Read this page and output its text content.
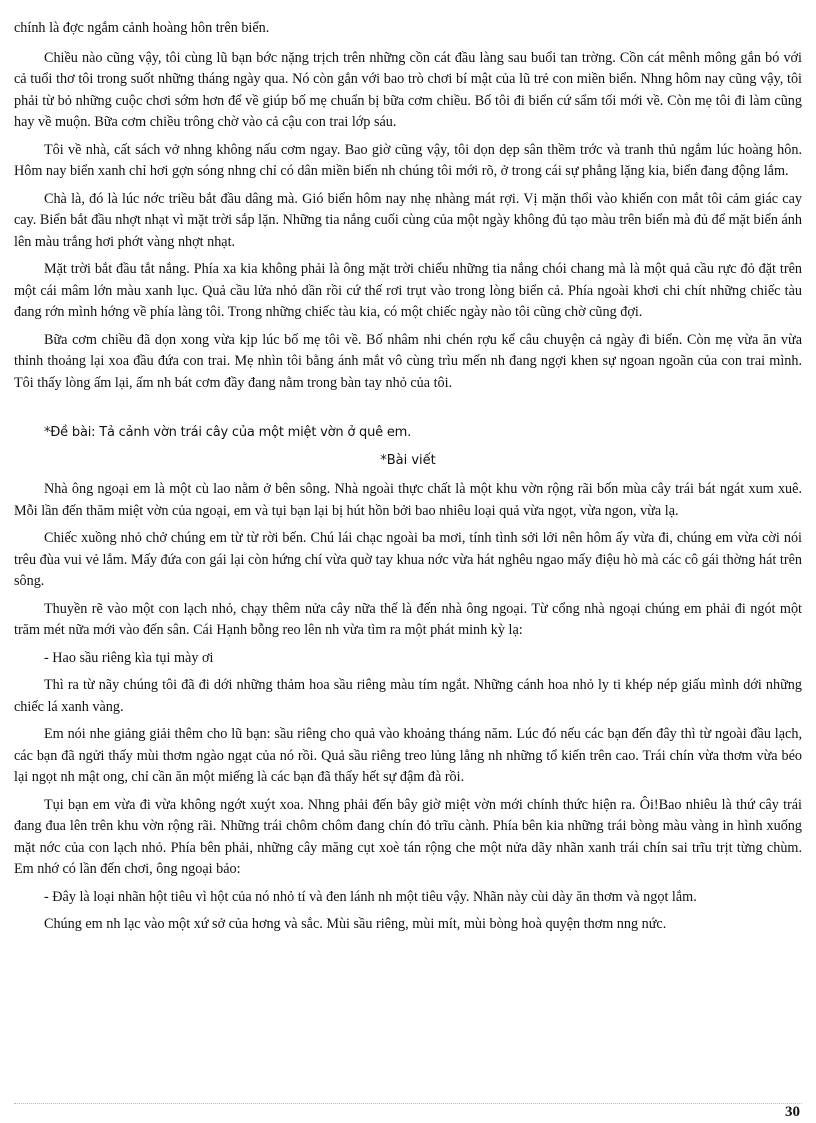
chính là đợc ngắm cảnh hoàng hôn trên biển.

Chiều nào cũng vậy, tôi cùng lũ bạn bớc nặng trịch trên những cồn cát đầu làng sau buổi tan trờng. Cồn cát mênh mông gắn bó với cả tuổi thơ tôi trong suốt những tháng ngày qua. Nó còn gắn với bao trò chơi bí mật của lũ trẻ con miền biển. Nhng hôm nay cũng vậy, tôi phải từ bỏ những cuộc chơi sớm hơn để về giúp bố mẹ chuẩn bị bữa cơm chiều. Bố tôi đi biển cứ sẩm tối mới về. Còn mẹ tôi đi làm cũng hay về muộn. Bữa cơm chiều trông chờ vào cả cậu con trai lớp sáu.

Tôi về nhà, cất sách vở nhng không nấu cơm ngay. Bao giờ cũng vậy, tôi dọn dẹp sân thềm trớc và tranh thủ ngắm lúc hoàng hôn. Hôm nay biển xanh chỉ hơi gợn sóng nhng chỉ có dân miền biển nh chúng tôi mới rõ, ở trong cái sự phẳng lặng kia, biển đang động lắm.

Chà là, đó là lúc nớc triều bắt đầu dâng mà. Gió biển hôm nay nhẹ nhàng mát rợi. Vị mặn thổi vào khiến con mắt tôi cảm giác cay cay. Biển bắt đầu nhợt nhạt vì mặt trời sắp lặn. Những tia nắng cuối cùng của một ngày không đủ tạo màu trên biển mà đủ để mặt biển ánh lên màu trắng hơi phớt vàng nhợt nhạt.

Mặt trời bắt đầu tắt nắng. Phía xa kia không phải là ông mặt trời chiếu những tia nắng chói chang mà là một quả cầu rực đỏ đặt trên một cái mâm lớn màu xanh lục. Quả cầu lửa nhỏ dần rồi cứ thế rơi trụt vào trong lòng biển cả. Phía ngoài khơi chi chít những chiếc tàu đang rớn mình hớng về phía làng tôi. Trong những chiếc tàu kia, có một chiếc ngày nào tôi cũng chờ cũng đợi.

Bữa cơm chiều đã dọn xong vừa kịp lúc bố mẹ tôi về. Bố nhâm nhi chén rợu kể câu chuyện cả ngày đi biển. Còn mẹ vừa ăn vừa thỉnh thoảng lại xoa đầu đứa con trai. Mẹ nhìn tôi bằng ánh mắt vô cùng trìu mến nh đang ngợi khen sự ngoan ngoãn của con trai mình. Tôi thấy lòng ấm lại, ấm nh bát cơm đầy đang nằm trong bàn tay nhỏ của tôi.

*Đề bài: Tả cảnh vờn trái cây của một miệt vờn ở quê em.

*Bài viết

Nhà ông ngoại em là một cù lao nằm ở bên sông. Nhà ngoài thực chất là một khu vờn rộng rãi bốn mùa cây trái bát ngát xum xuê. Mỗi lần đến thăm miệt vờn của ngoại, em và tụi bạn lại bị hút hồn bởi bao nhiêu loại quả vừa ngọt, vừa ngon, vừa lạ.

Chiếc xuồng nhỏ chở chúng em từ từ rời bến. Chú lái chạc ngoài ba mơi, tính tình sởi lởi nên hôm ấy vừa đi, chúng em vừa cời nói trêu đùa vui vẻ lắm. Mấy đứa con gái lại còn hứng chí vừa quờ tay khua nớc vừa hát nghêu ngao mấy điệu hò mà các cô gái thờng hát trên sông.

Thuyền rẽ vào một con lạch nhỏ, chạy thêm nửa cây nữa thế là đến nhà ông ngoại. Từ cổng nhà ngoại chúng em phải đi ngót một trăm mét nữa mới vào đến sân. Cái Hạnh bỗng reo lên nh vừa tìm ra một phát minh kỳ lạ:

- Hao sầu riêng kìa tụi mày ơi

Thì ra từ nãy chúng tôi đã đi dới những thảm hoa sầu riêng màu tím ngắt. Những cánh hoa nhỏ ly ti khép nép giấu mình dới những chiếc lá xanh vàng.

Em nói nhe giảng giải thêm cho lũ bạn: sầu riêng cho quả vào khoảng tháng năm. Lúc đó nếu các bạn đến đây thì từ ngoài đầu lạch, các bạn đã ngửi thấy mùi thơm ngào ngạt của nó rồi. Quả sầu riêng treo lủng lẳng nh những tổ kiến trên cao. Trái chín vừa thơm vừa béo lại ngọt nh mật ong, chỉ cần ăn một miếng là các bạn đã thấy hết sự đậm đà rồi.

Tụi bạn em vừa đi vừa không ngớt xuýt xoa. Nhng phải đến bây giờ miệt vờn mới chính thức hiện ra. Ôi!Bao nhiêu là thứ cây trái đang đua lên trên khu vờn rộng rãi. Những trái chôm chôm đang chín đỏ trĩu cành. Phía bên kia những trái bòng màu vàng in hình xuống mặt nớc của con lạch nhỏ. Phía bên phải, những cây măng cụt xoè tán rộng che một nửa dãy nhãn xanh trái chín sai trĩu trịt từng chùm. Em nhớ có lần đến chơi, ông ngoại bảo:

- Đây là loại nhãn hột tiêu vì hột của nó nhỏ tí và đen lánh nh một tiêu vậy. Nhãn này cùi dày ăn thơm và ngọt lắm.

Chúng em nh lạc vào một xứ sở của hơng và sắc. Mùi sầu riêng, mùi mít, mùi bòng hoà quyện thơm nng nức.

30
